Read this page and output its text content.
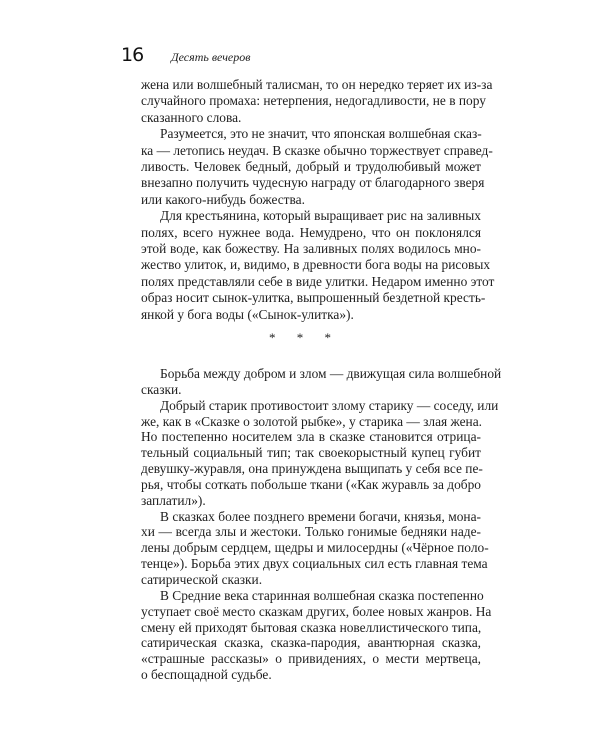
16 Десять вечеров
жена или волшебный талисман, то он нередко теряет их из-за
случайного промаха: нетерпения, недогадливости, не в пору
сказанного слова.
Разумеется, это не значит, что японская волшебная сказ-
ка — летопись неудач. В сказке обычно торжествует справед-
ливость. Человек бедный, добрый и трудолюбивый может
внезапно получить чудесную награду от благодарного зверя
или какого-нибудь божества.
Для крестьянина, который выращивает рис на заливных
полях, всего нужнее вода. Немудрено, что он поклонялся
этой воде, как божеству. На заливных полях водилось мно-
жество улиток, и, видимо, в древности бога воды на рисовых
полях представляли себе в виде улитки. Недаром именно этот
образ носит сынок-улитка, выпрошенный бездетной кресть-
янкой у бога воды («Сынок-улитка»).
* * *
Борьба между добром и злом — движущая сила волшебной
сказки.
Добрый старик противостоит злому старику — соседу, или
же, как в «Сказке о золотой рыбке», у старика — злая жена.
Но постепенно носителем зла в сказке становится отрица-
тельный социальный тип; так своекорыстный купец губит
девушку-журавля, она принуждена выщипать у себя все пе-
рья, чтобы соткать побольше ткани («Как журавль за добро
заплатил»).
В сказках более позднего времени богачи, князья, мона-
хи — всегда злы и жестоки. Только гонимые бедняки наде-
лены добрым сердцем, щедры и милосердны («Чёрное поло-
тенце»). Борьба этих двух социальных сил есть главная тема
сатирической сказки.
В Средние века старинная волшебная сказка постепенно
уступает своё место сказкам других, более новых жанров. На
смену ей приходят бытовая сказка новеллистического типа,
сатирическая сказка, сказка-пародия, авантюрная сказка,
«страшные рассказы» о привидениях, о мести мертвеца,
о беспощадной судьбе.
